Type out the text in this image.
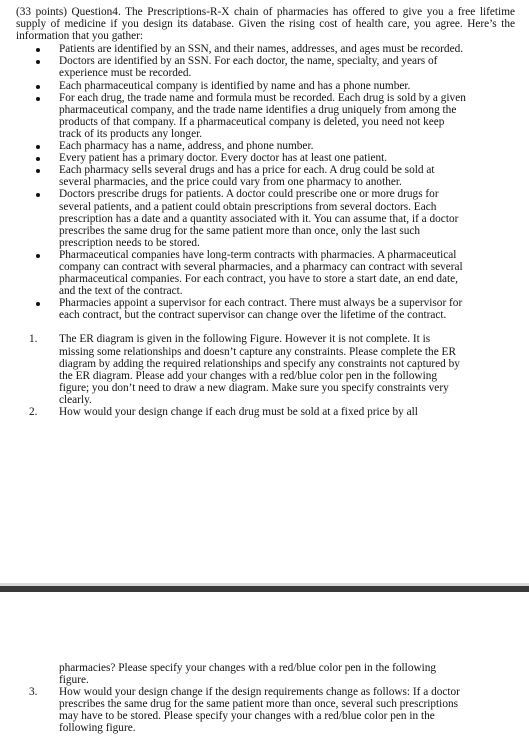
(33 points) Question4. The Prescriptions-R-X chain of pharmacies has offered to give you a free lifetime supply of medicine if you design its database. Given the rising cost of health care, you agree. Here’s the information that you gather:
Patients are identified by an SSN, and their names, addresses, and ages must be recorded.
Doctors are identified by an SSN. For each doctor, the name, specialty, and years of experience must be recorded.
Each pharmaceutical company is identified by name and has a phone number.
For each drug, the trade name and formula must be recorded. Each drug is sold by a given pharmaceutical company, and the trade name identifies a drug uniquely from among the products of that company. If a pharmaceutical company is deleted, you need not keep track of its products any longer.
Each pharmacy has a name, address, and phone number.
Every patient has a primary doctor. Every doctor has at least one patient.
Each pharmacy sells several drugs and has a price for each. A drug could be sold at several pharmacies, and the price could vary from one pharmacy to another.
Doctors prescribe drugs for patients. A doctor could prescribe one or more drugs for several patients, and a patient could obtain prescriptions from several doctors. Each prescription has a date and a quantity associated with it. You can assume that, if a doctor prescribes the same drug for the same patient more than once, only the last such prescription needs to be stored.
Pharmaceutical companies have long-term contracts with pharmacies. A pharmaceutical company can contract with several pharmacies, and a pharmacy can contract with several pharmaceutical companies. For each contract, you have to store a start date, an end date, and the text of the contract.
Pharmacies appoint a supervisor for each contract. There must always be a supervisor for each contract, but the contract supervisor can change over the lifetime of the contract.
1. The ER diagram is given in the following Figure. However it is not complete. It is missing some relationships and doesn’t capture any constraints. Please complete the ER diagram by adding the required relationships and specify any constraints not captured by the ER diagram. Please add your changes with a red/blue color pen in the following figure; you don’t need to draw a new diagram. Make sure you specify constraints very clearly.
2. How would your design change if each drug must be sold at a fixed price by all
pharmacies? Please specify your changes with a red/blue color pen in the following figure.
3. How would your design change if the design requirements change as follows: If a doctor prescribes the same drug for the same patient more than once, several such prescriptions may have to be stored. Please specify your changes with a red/blue color pen in the following figure.
